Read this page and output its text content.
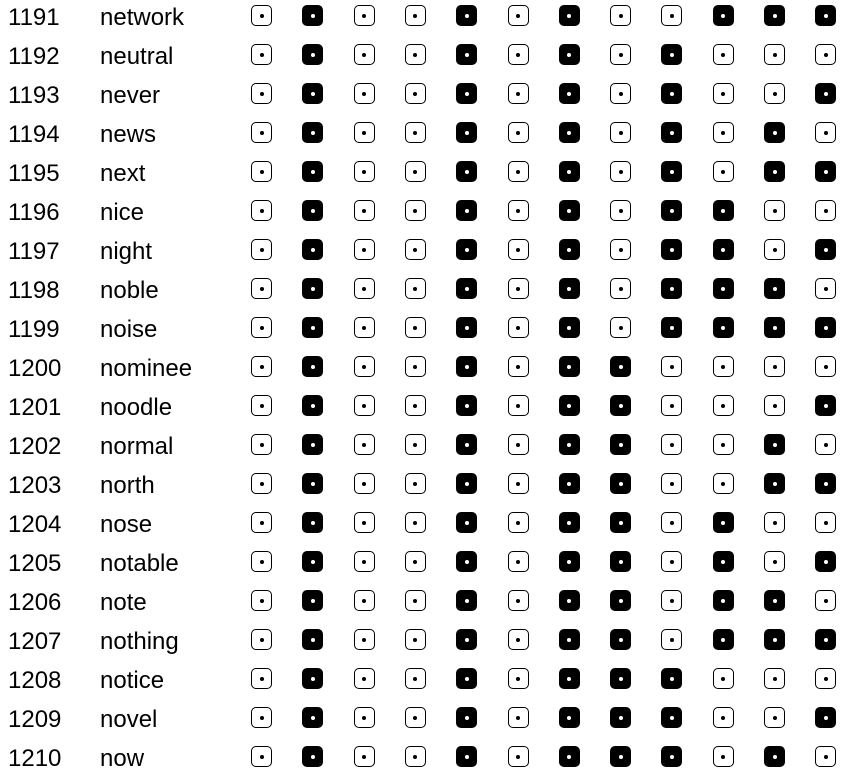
1191 network
1192 neutral
1193 never
1194 news
1195 next
1196 nice
1197 night
1198 noble
1199 noise
1200 nominee
1201 noodle
1202 normal
1203 north
1204 nose
1205 notable
1206 note
1207 nothing
1208 notice
1209 novel
1210 now
